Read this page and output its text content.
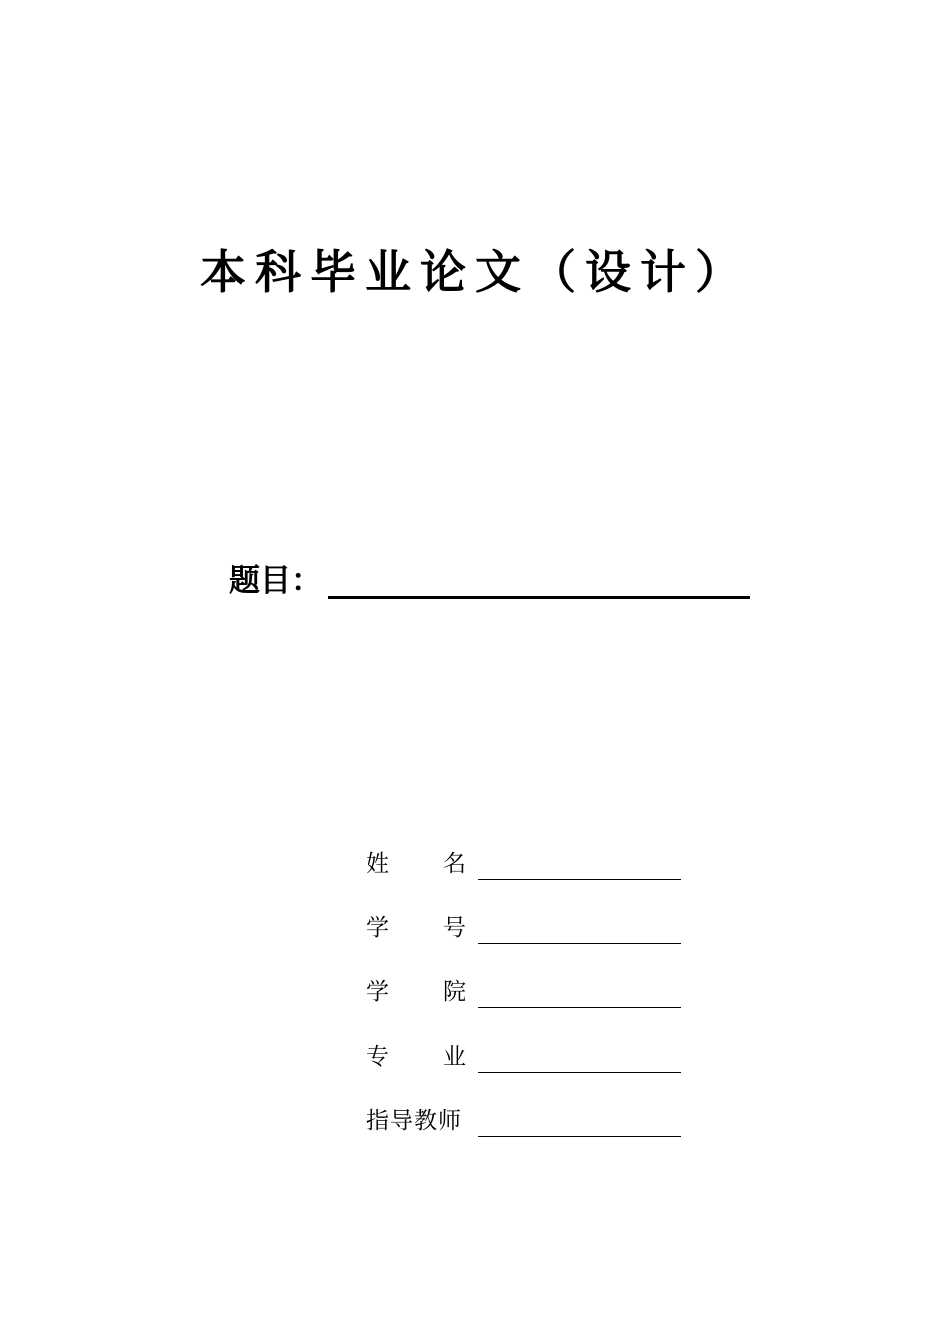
本科毕业论文（设计）
题目：
姓 名
学 号
学 院
专 业
指导教师
